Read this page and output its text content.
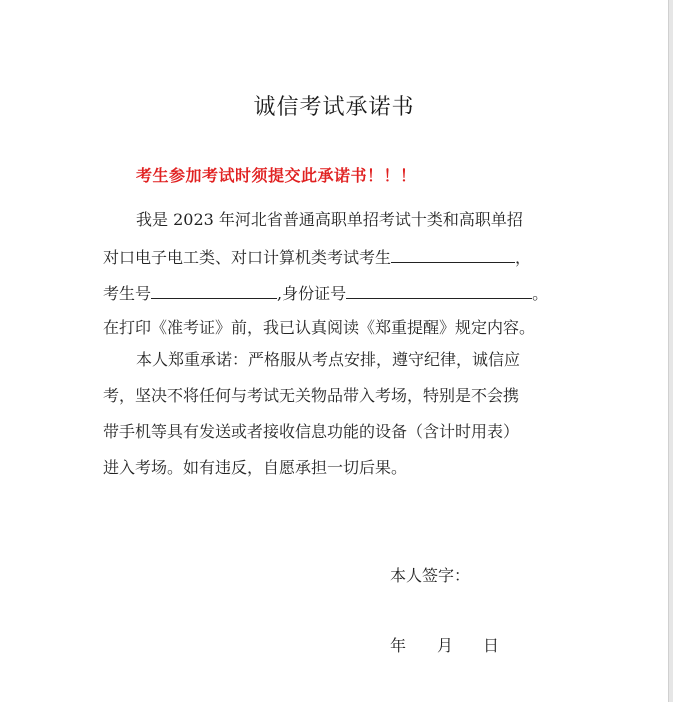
诚信考试承诺书
考生参加考试时须提交此承诺书！！！
我是 2023 年河北省普通高职单招考试十类和高职单招
对口电子电工类、对口计算机类考试考生	，
考生号	,身份证号	。
在打印《准考证》前，我已认真阅读《郑重提醒》规定内容。
本人郑重承诺：严格服从考点安排，遵守纪律，诚信应
考，坚决不将任何与考试无关物品带入考场，特别是不会携
带手机等具有发送或者接收信息功能的设备（含计时用表）
进入考场。如有违反，自愿承担一切后果。
本人签字：
年 月 日
